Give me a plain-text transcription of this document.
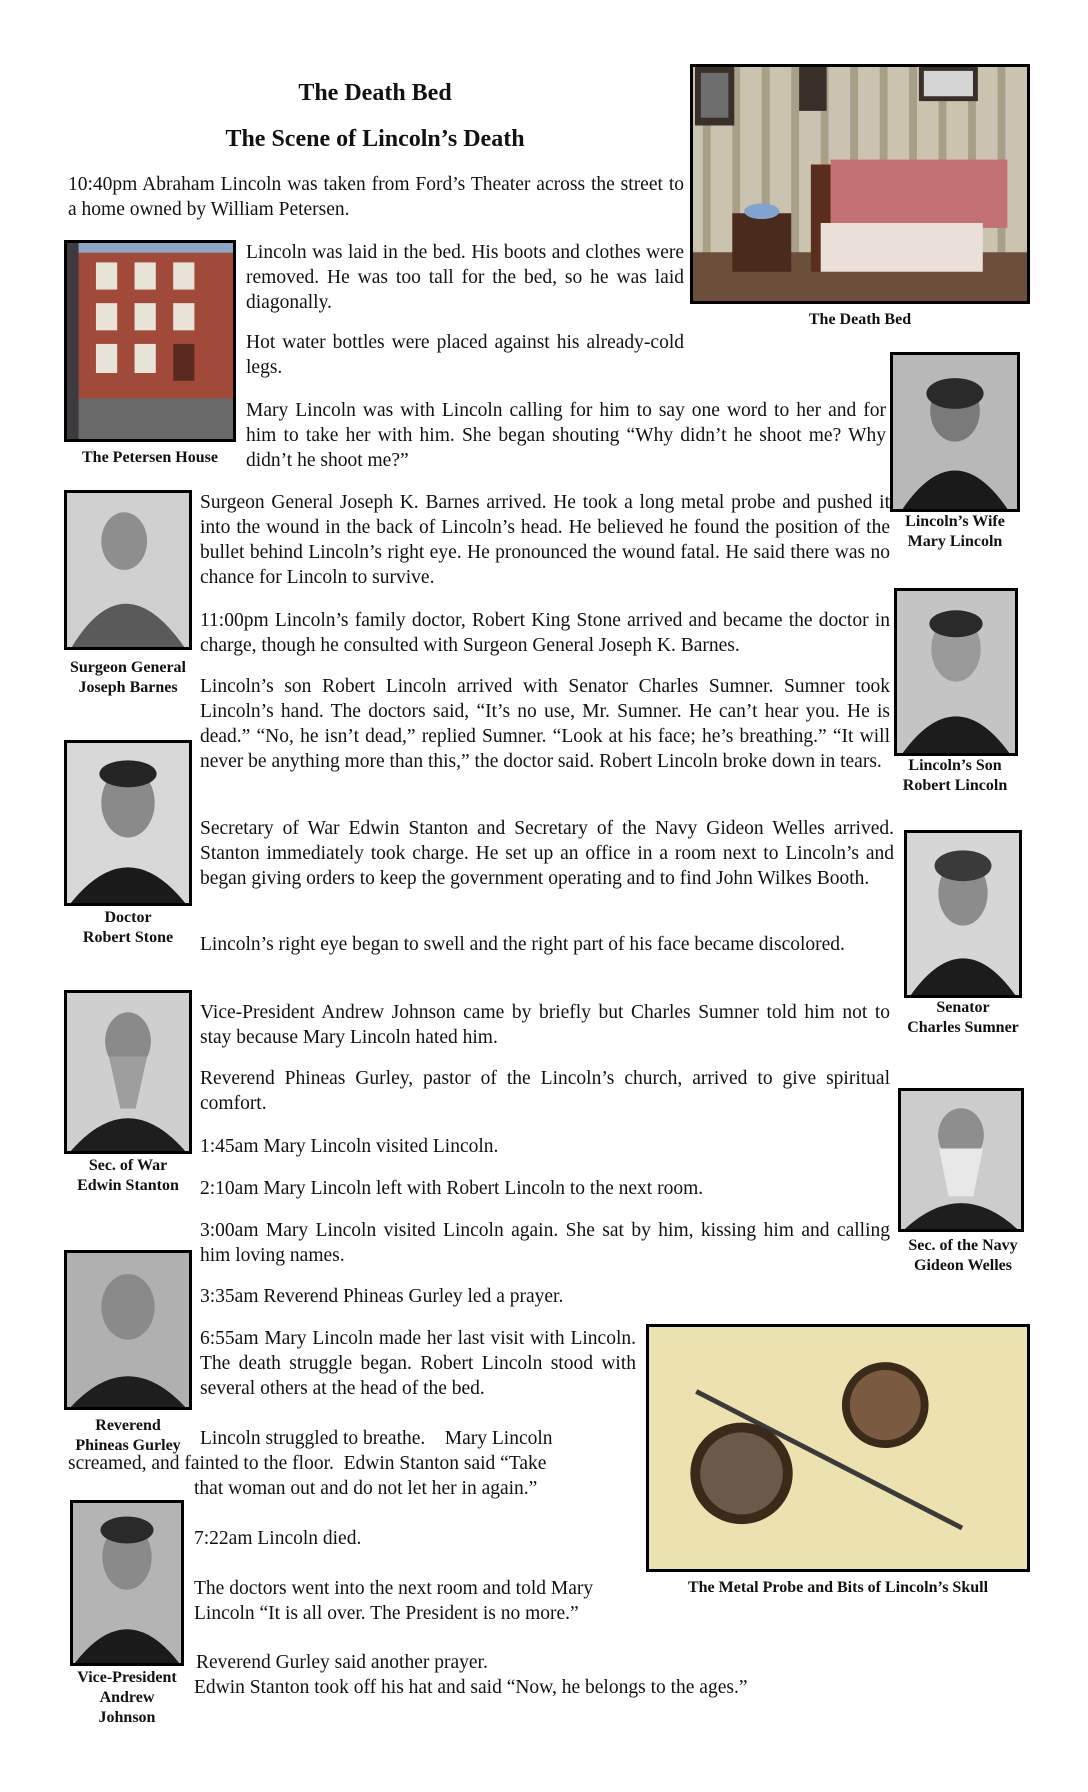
The Death Bed
The Scene of Lincoln’s Death
The Death Bed
The Petersen House
Lincoln’s Wife
Mary Lincoln
Surgeon General
Joseph Barnes
Lincoln’s Son
Robert Lincoln
Doctor
Robert Stone
Senator
Charles Sumner
Sec. of War
Edwin Stanton
Sec. of the Navy
Gideon Welles
Reverend
Phineas Gurley
The Metal Probe and Bits of Lincoln’s Skull
Vice-President
Andrew
Johnson
10:40pm Abraham Lincoln was taken from Ford’s Theater across the street to a home owned by William Petersen.
Lincoln was laid in the bed. His boots and clothes were removed. He was too tall for the bed, so he was laid diagonally.
Hot water bottles were placed against his already-cold legs.
Mary Lincoln was with Lincoln calling for him to say one word to her and for him to take her with him. She began shouting “Why didn’t he shoot me? Why didn’t he shoot me?”
Surgeon General Joseph K. Barnes arrived. He took a long metal probe and pushed it into the wound in the back of Lincoln’s head. He believed he found the position of the bullet behind Lincoln’s right eye. He pronounced the wound fatal. He said there was no chance for Lincoln to survive.
11:00pm Lincoln’s family doctor, Robert King Stone arrived and became the doctor in charge, though he consulted with Surgeon General Joseph K. Barnes.
Lincoln’s son Robert Lincoln arrived with Senator Charles Sumner. Sumner took Lincoln’s hand. The doctors said, “It’s no use, Mr. Sumner. He can’t hear you. He is dead.” “No, he isn’t dead,” replied Sumner. “Look at his face; he’s breathing.” “It will never be anything more than this,” the doctor said. Robert Lincoln broke down in tears.
Secretary of War Edwin Stanton and Secretary of the Navy Gideon Welles arrived. Stanton immediately took charge. He set up an office in a room next to Lincoln’s and began giving orders to keep the government operating and to find John Wilkes Booth.
Lincoln’s right eye began to swell and the right part of his face became discolored.
Vice-President Andrew Johnson came by briefly but Charles Sumner told him not to stay because Mary Lincoln hated him.
Reverend Phineas Gurley, pastor of the Lincoln’s church, arrived to give spiritual comfort.
1:45am Mary Lincoln visited Lincoln.
2:10am Mary Lincoln left with Robert Lincoln to the next room.
3:00am Mary Lincoln visited Lincoln again. She sat by him, kissing him and calling him loving names.
3:35am Reverend Phineas Gurley led a prayer.
6:55am Mary Lincoln made her last visit with Lincoln. The death struggle began. Robert Lincoln stood with several others at the head of the bed.
Lincoln struggled to breathe.    Mary Lincoln
screamed, and fainted to the floor.  Edwin Stanton said “Take
that woman out and do not let her in again.”
7:22am Lincoln died.
The doctors went into the next room and told Mary Lincoln “It is all over. The President is no more.”
Reverend Gurley said another prayer.
Edwin Stanton took off his hat and said “Now, he belongs to the ages.”
